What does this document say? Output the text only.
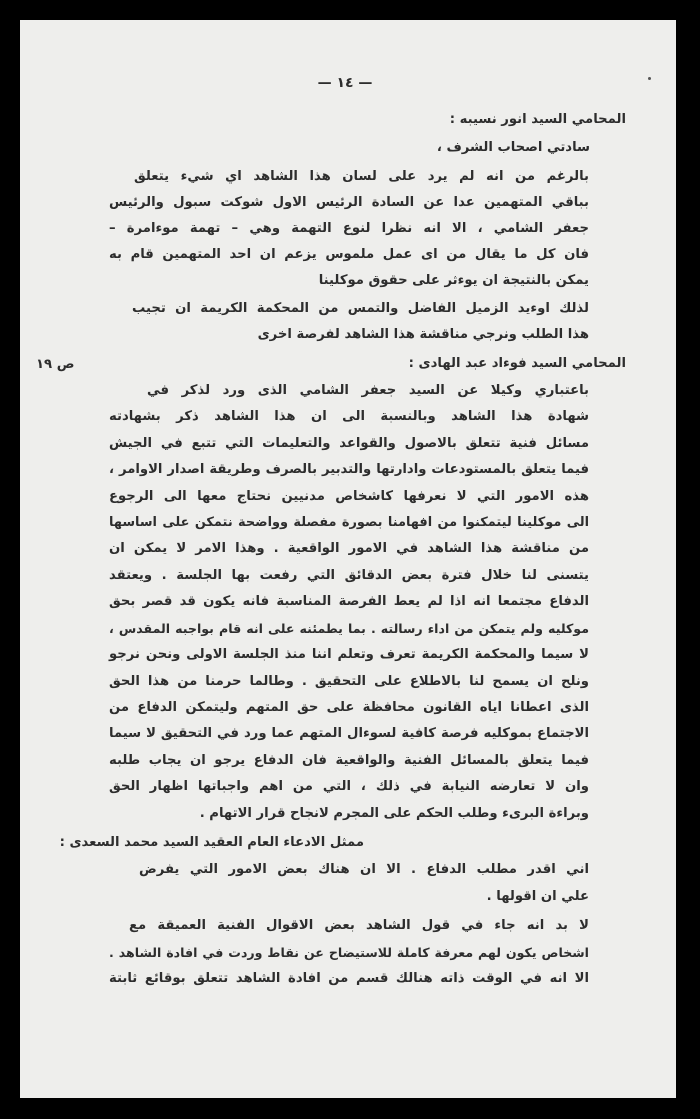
— ١٤ —
ص ١٩
المحامي السيد انور نسيبه :
سادتي اصحاب الشرف ،
بالرغم من انه لم يرد على لسان هذا الشاهد اي شيء يتعلق
بباقي المتهمين عدا عن السادة الرئيس الاول شوكت سبول والرئيس
جعفر الشامي ، الا انه نظرا لنوع التهمة وهي – تهمة موءامرة –
فان كل ما يقال من اى عمل ملموس يزعم ان احد المتهمين قام به
يمكن بالنتيجة ان يوءثر على حقوق موكلينا
لذلك اوءيد الزميل الفاضل والتمس من المحكمة الكريمة ان تجيب
هذا الطلب ونرجي مناقشة هذا الشاهد لفرصة اخرى
المحامي السيد فوءاد عبد الهادى :
باعتباري وكيلا عن السيد جعفر الشامي الذى ورد لذكر في
شهادة هذا الشاهد وبالنسبة الى ان هذا الشاهد ذكر بشهادته
مسائل فنية تتعلق بالاصول والقواعد والتعليمات التي تتبع في الجيش
فيما يتعلق بالمستودعات وادارتها والتدبير بالصرف وطريقة اصدار الاوامر ،
هذه الامور التي لا نعرفها كاشخاص مدنيين نحتاج معها الى الرجوع
الى موكلينا ليتمكنوا من افهامنا بصورة مفصلة وواضحة نتمكن على اساسها
من مناقشة هذا الشاهد في الامور الواقعية . وهذا الامر لا يمكن ان
يتسنى لنا خلال فترة بعض الدقائق التي رفعت بها الجلسة . ويعتقد
الدفاع مجتمعا انه اذا لم يعط الفرصة المناسبة فانه يكون قد قصر بحق
موكليه ولم يتمكن من اداء رسالته . بما يطمئنه على انه قام بواجبه المقدس ،
لا سيما والمحكمة الكريمة تعرف وتعلم اننا منذ الجلسة الاولى ونحن نرجو
ونلح ان يسمح لنا بالاطلاع على التحقيق . وطالما حرمنا من هذا الحق
الذى اعطانا اياه القانون محافظة على حق المتهم وليتمكن الدفاع من
الاجتماع بموكليه فرصة كافية لسوءال المتهم عما ورد في التحقيق لا سيما
فيما يتعلق بالمسائل الفنية والواقعية فان الدفاع يرجو ان يجاب طلبه
وان لا تعارضه النيابة في ذلك ، التي من اهم واجباتها اظهار الحق
وبراءة البرىء وطلب الحكم على المجرم لانجاح قرار الاتهام .
ممثل الادعاء العام العقيد السيد محمد السعدى :
اني اقدر مطلب الدفاع . الا ان هناك بعض الامور التي يفرض
علي ان اقولها .
لا بد انه جاء في قول الشاهد بعض الاقوال الفنية العميقة مع
اشخاص يكون لهم معرفة كاملة للاستيضاح عن نقاط وردت في افادة الشاهد .
الا انه في الوقت ذاته هنالك قسم من افادة الشاهد تتعلق بوقائع ثابتة
